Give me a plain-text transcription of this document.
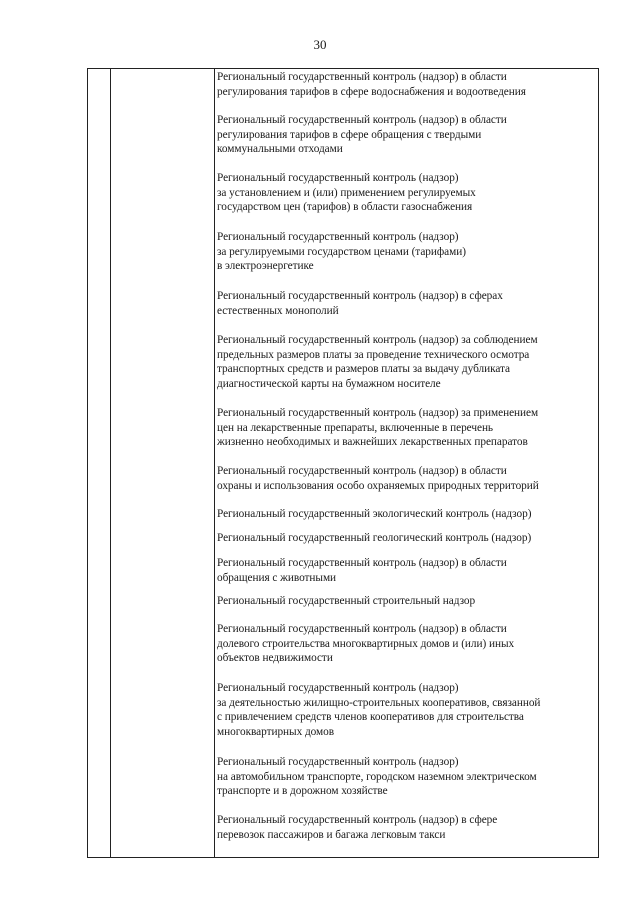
30
Региональный государственный контроль (надзор) в области
регулирования тарифов в сфере водоснабжения и водоотведения
Региональный государственный контроль (надзор) в области
регулирования тарифов в сфере обращения с твердыми
коммунальными отходами
Региональный государственный контроль (надзор)
за установлением и (или) применением регулируемых
государством цен (тарифов) в области газоснабжения
Региональный государственный контроль (надзор)
за регулируемыми государством ценами (тарифами)
в электроэнергетике
Региональный государственный контроль (надзор) в сферах
естественных монополий
Региональный государственный контроль (надзор) за соблюдением
предельных размеров платы за проведение технического осмотра
транспортных средств и размеров платы за выдачу дубликата
диагностической карты на бумажном носителе
Региональный государственный контроль (надзор) за применением
цен на лекарственные препараты, включенные в перечень
жизненно необходимых и важнейших лекарственных препаратов
Региональный государственный контроль (надзор) в области
охраны и использования особо охраняемых природных территорий
Региональный государственный экологический контроль (надзор)
Региональный государственный геологический контроль (надзор)
Региональный государственный контроль (надзор) в области
обращения с животными
Региональный государственный строительный надзор
Региональный государственный контроль (надзор) в области
долевого строительства многоквартирных домов и (или) иных
объектов недвижимости
Региональный государственный контроль (надзор)
за деятельностью жилищно-строительных кооперативов, связанной
с привлечением средств членов кооперативов для строительства
многоквартирных домов
Региональный государственный контроль (надзор)
на автомобильном транспорте, городском наземном электрическом
транспорте и в дорожном хозяйстве
Региональный государственный контроль (надзор) в сфере
перевозок пассажиров и багажа легковым такси
